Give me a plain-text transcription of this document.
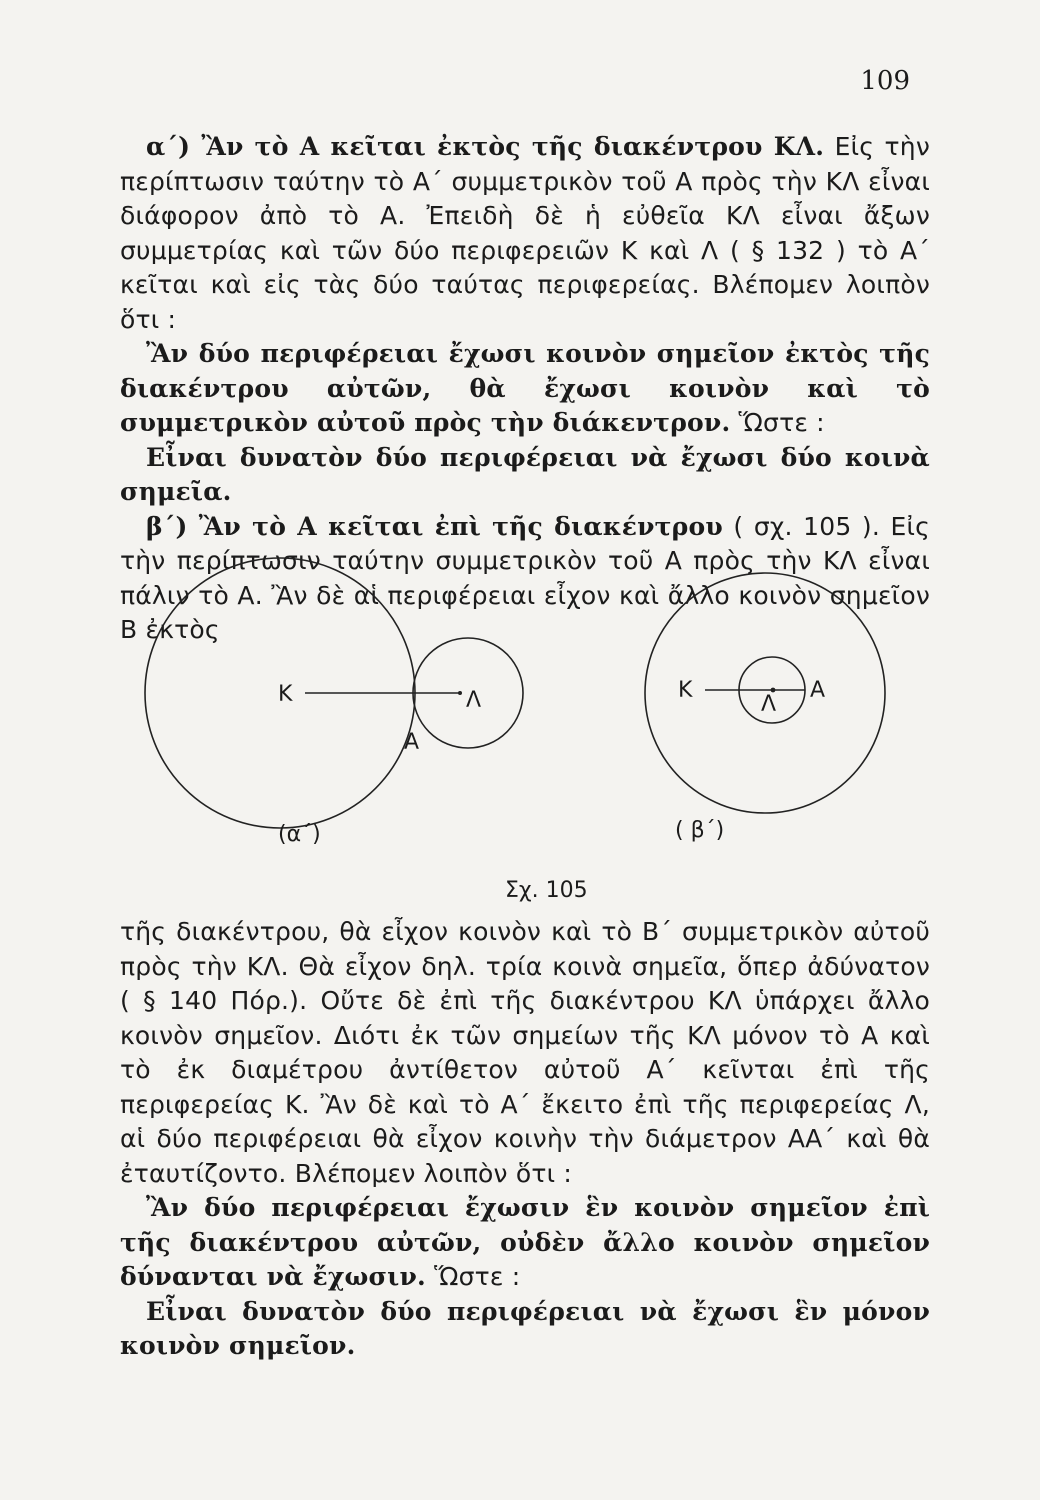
109

α΄) Ἂν τὸ Α κεῖται ἐκτὸς τῆς διακέντρου ΚΛ. Εἰς τὴν περίπτωσιν ταύτην τὸ Α΄ συμμετρικὸν τοῦ Α πρὸς τὴν ΚΛ εἶναι διάφορον ἀπὸ τὸ Α. Ἐπειδὴ δὲ ἡ εὐθεῖα ΚΛ εἶναι ἄξων συμμετρίας καὶ τῶν δύο περιφερειῶν Κ καὶ Λ ( § 132 ) τὸ Α΄ κεῖται καὶ εἰς τὰς δύο ταύτας περιφερείας. Βλέπομεν λοιπὸν ὅτι :

Ἂν δύο περιφέρειαι ἔχωσι κοινὸν σημεῖον ἐκτὸς τῆς διακέντρου αὐτῶν, θὰ ἔχωσι κοινὸν καὶ τὸ συμμετρικὸν αὐτοῦ πρὸς τὴν διάκεντρον. Ὥστε :

Εἶναι δυνατὸν δύο περιφέρειαι νὰ ἔχωσι δύο κοινὰ σημεῖα.

β΄) Ἂν τὸ Α κεῖται ἐπὶ τῆς διακέντρου ( σχ. 105 ). Εἰς τὴν περίπτωσιν ταύτην συμμετρικὸν τοῦ Α πρὸς τὴν ΚΛ εἶναι πάλιν τὸ Α. Ἂν δὲ αἱ περιφέρειαι εἶχον καὶ ἄλλο κοινὸν σημεῖον Β ἐκτὸς

Κ	Λ
Α
(α΄)
Κ
Λ
Α
( β΄)
Σχ. 105

τῆς διακέντρου, θὰ εἶχον κοινὸν καὶ τὸ Β΄ συμμετρικὸν αὐτοῦ πρὸς τὴν ΚΛ. Θὰ εἶχον δηλ. τρία κοινὰ σημεῖα, ὅπερ ἀδύνατον ( § 140 Πόρ.). Οὔτε δὲ ἐπὶ τῆς διακέντρου ΚΛ ὑπάρχει ἄλλο κοινὸν σημεῖον. Διότι ἐκ τῶν σημείων τῆς ΚΛ μόνον τὸ Α καὶ τὸ ἐκ διαμέτρου ἀντίθετον αὐτοῦ Α΄ κεῖνται ἐπὶ τῆς περιφερείας Κ. Ἂν δὲ καὶ τὸ Α΄ ἔκειτο ἐπὶ τῆς περιφερείας Λ, αἱ δύο περιφέρειαι θὰ εἶχον κοινὴν τὴν διάμετρον ΑΑ΄ καὶ θὰ ἐταυτίζοντο. Βλέπομεν λοιπὸν ὅτι :

Ἂν δύο περιφέρειαι ἔχωσιν ἓν κοινὸν σημεῖον ἐπὶ τῆς διακέντρου αὐτῶν, οὐδὲν ἄλλο κοινὸν σημεῖον δύνανται νὰ ἔχωσιν. Ὥστε :

Εἶναι δυνατὸν δύο περιφέρειαι νὰ ἔχωσι ἓν μόνον κοινὸν σημεῖον.
